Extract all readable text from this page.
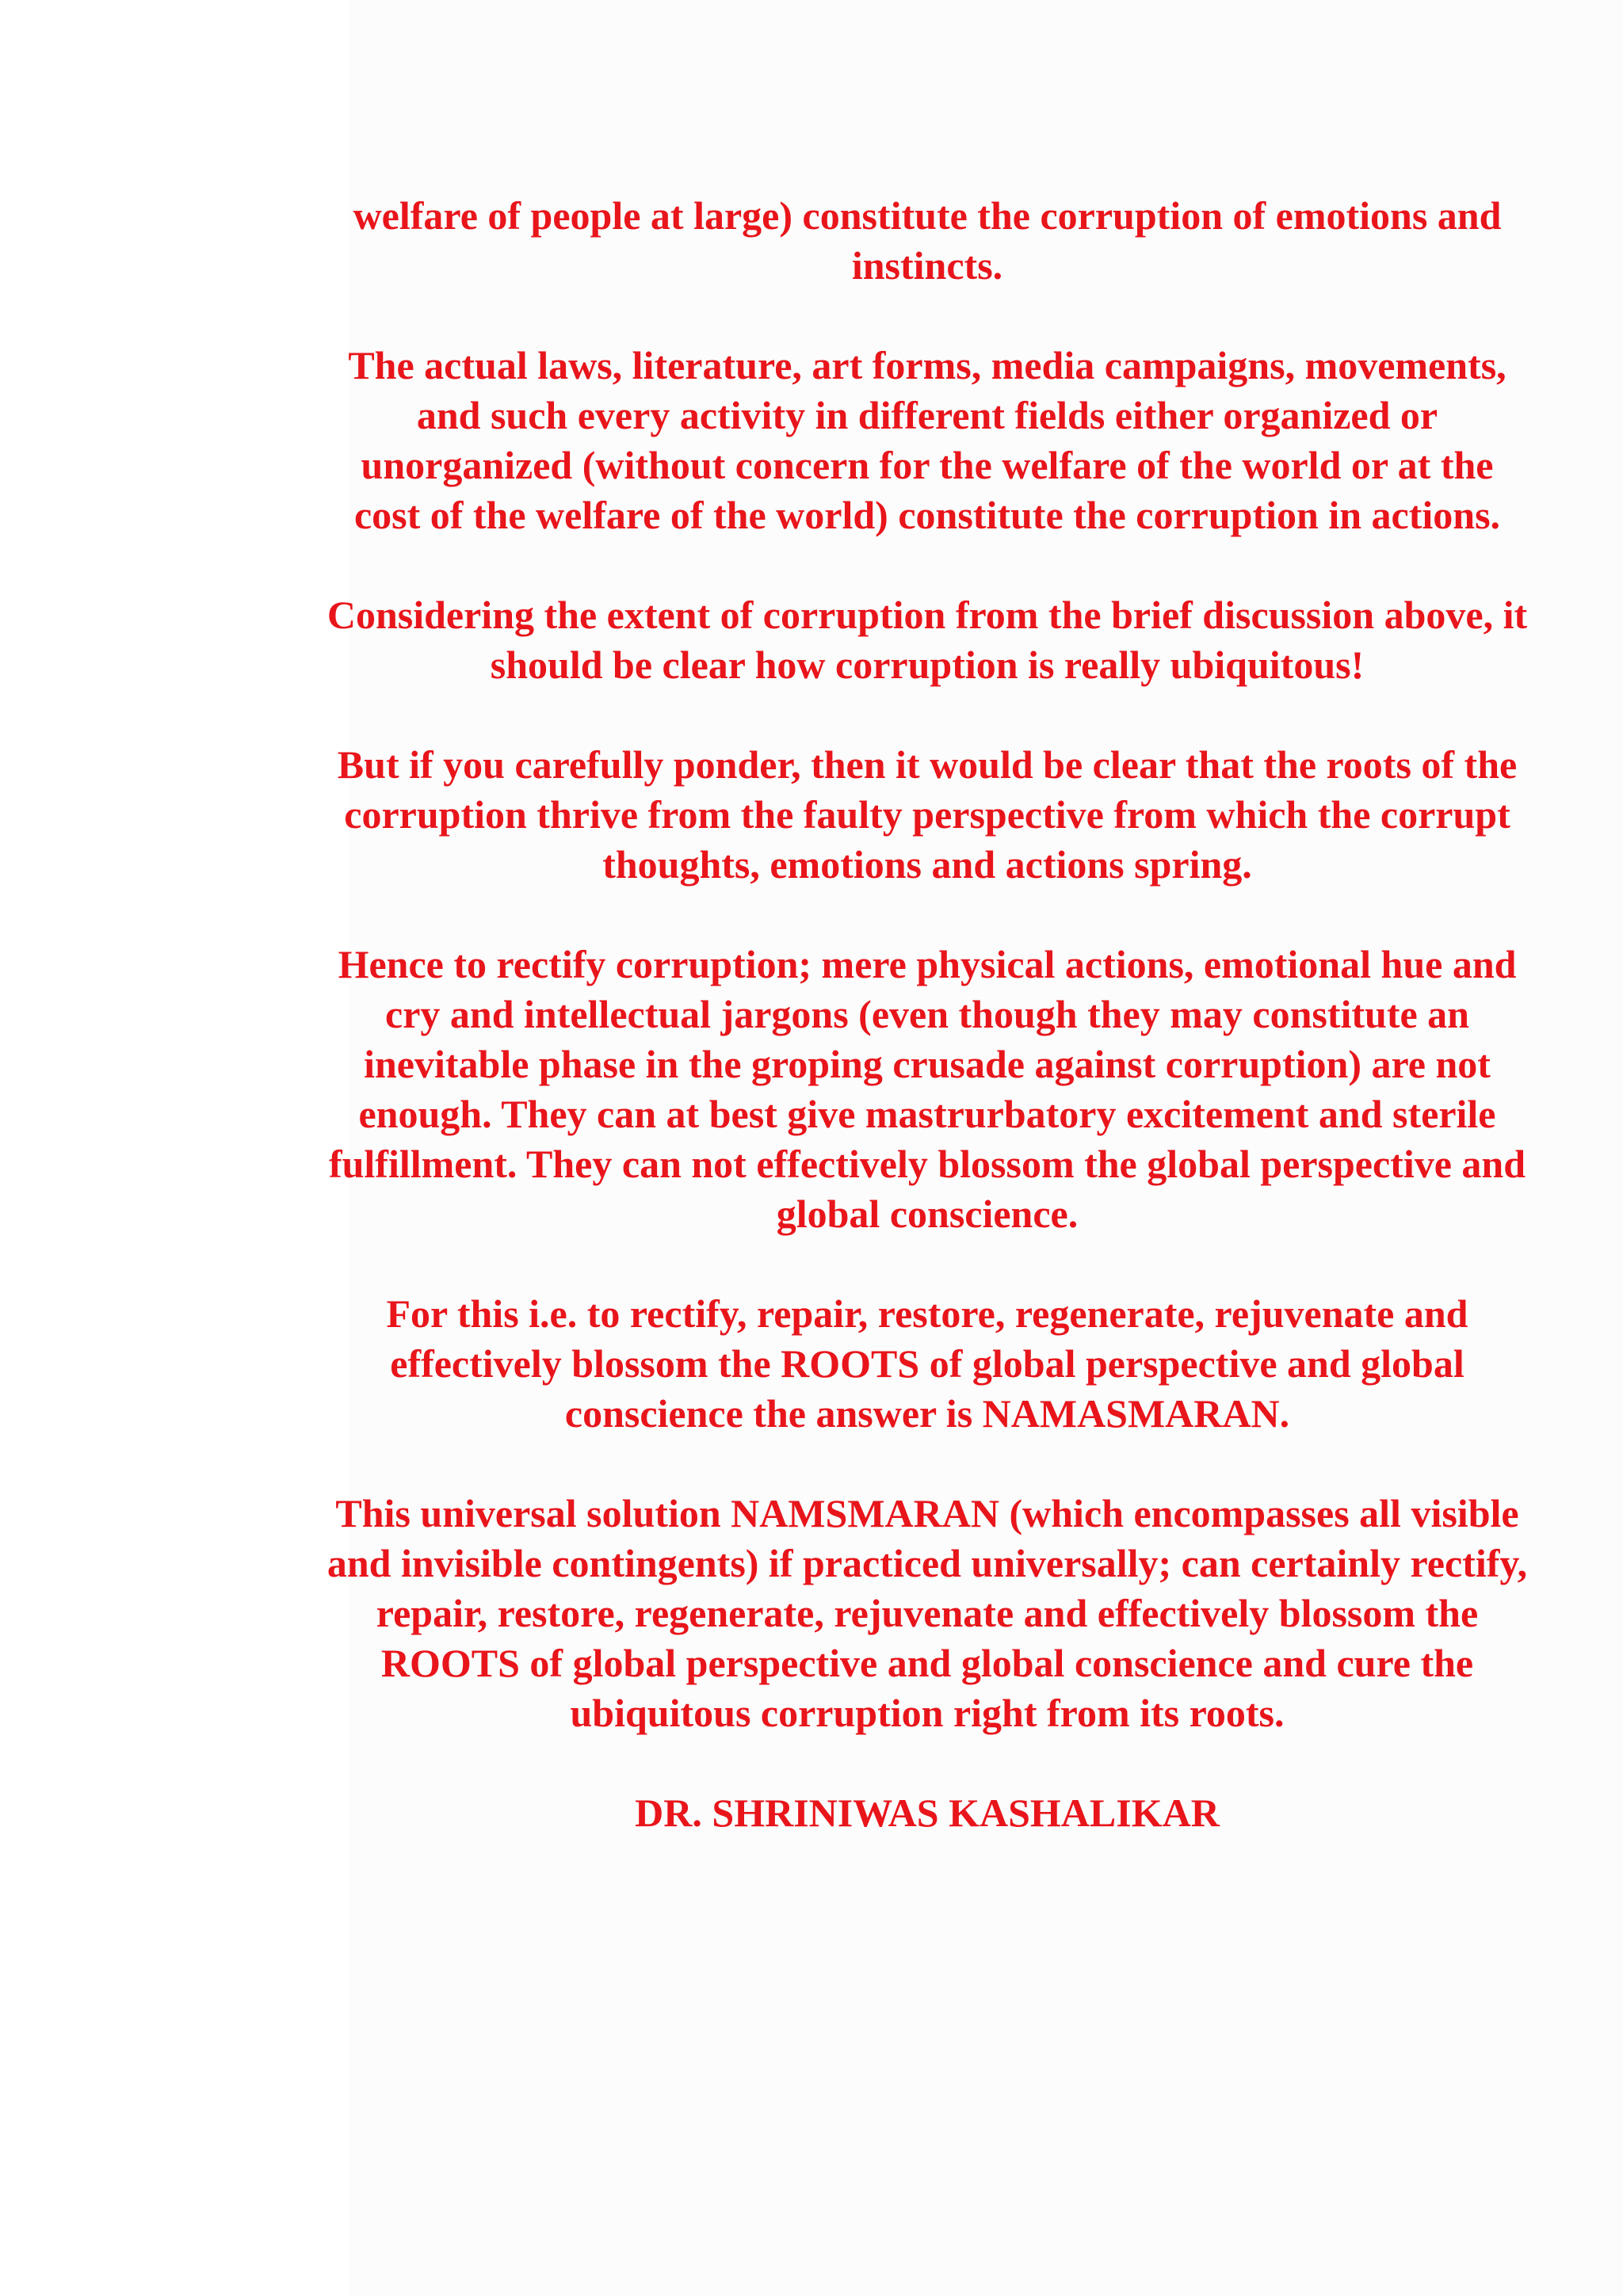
welfare of people at large) constitute the corruption of emotions and
instincts.

The actual laws, literature, art forms, media campaigns, movements,
and such every activity in different fields either organized or
unorganized (without concern for the welfare of the world or at the
cost of the welfare of the world) constitute the corruption in actions.

Considering the extent of corruption from the brief discussion above, it
should be clear how corruption is really ubiquitous!

But if you carefully ponder, then it would be clear that the roots of the
corruption thrive from the faulty perspective from which the corrupt
thoughts, emotions and actions spring.

Hence to rectify corruption; mere physical actions, emotional hue and
cry and intellectual jargons (even though they may constitute an
inevitable phase in the groping crusade against corruption) are not
enough. They can at best give mastrurbatory excitement and sterile
fulfillment. They can not effectively blossom the global perspective and
global conscience.

For this i.e. to rectify, repair, restore, regenerate, rejuvenate and
effectively blossom the ROOTS of global perspective and global
conscience the answer is NAMASMARAN.

This universal solution NAMSMARAN (which encompasses all visible
and invisible contingents) if practiced universally; can certainly rectify,
repair, restore, regenerate, rejuvenate and effectively blossom the
ROOTS of global perspective and global conscience and cure the
ubiquitous corruption right from its roots.

DR. SHRINIWAS KASHALIKAR
